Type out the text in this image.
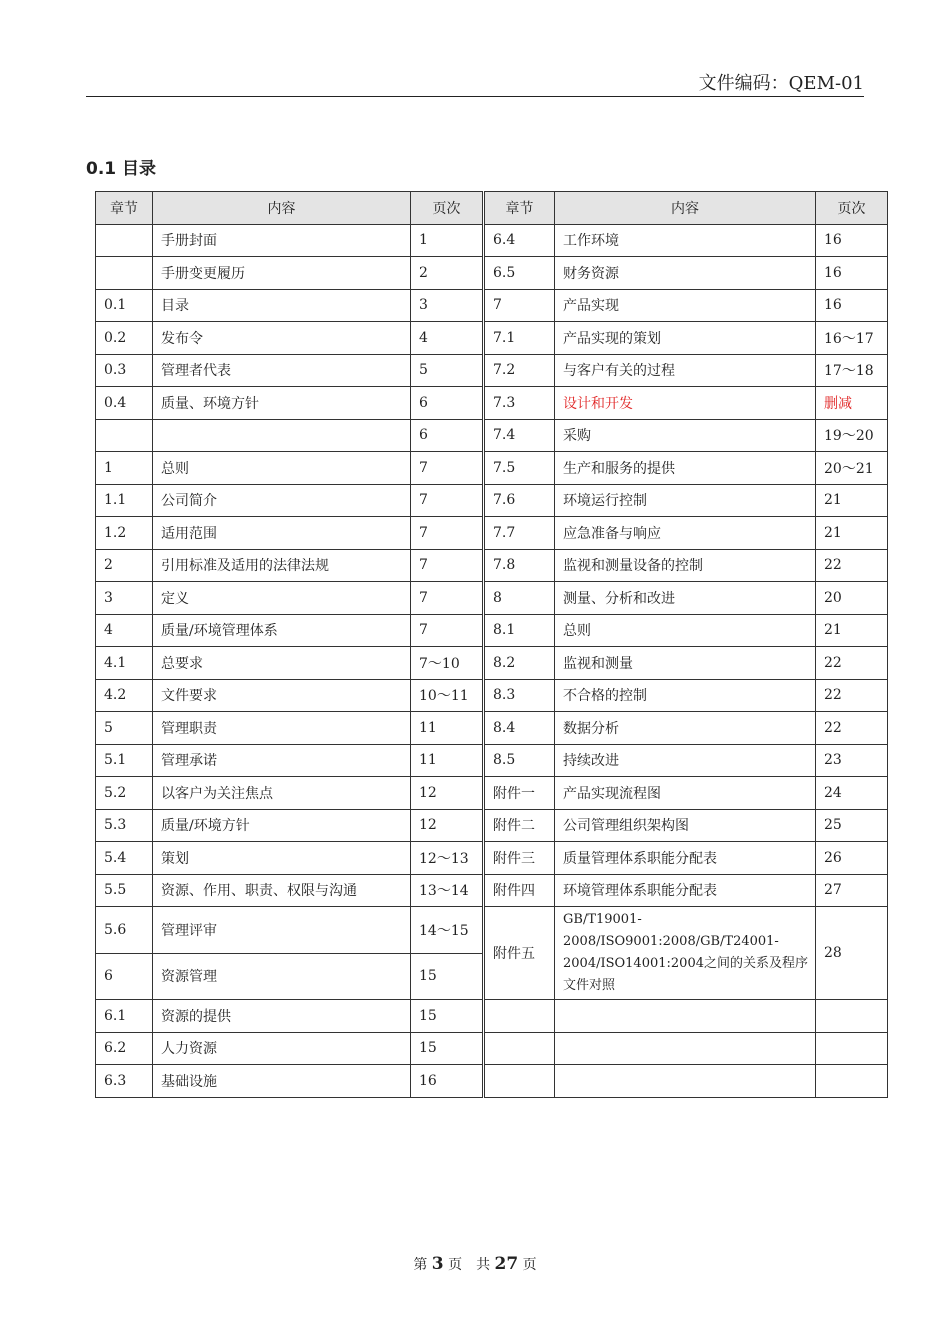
文件编码：QEM-01
0.1 目录
章节	内容	页次	章节	内容	页次
	手册封面	1	6.4	工作环境	16
	手册变更履历	2	6.5	财务资源	16
0.1	目录	3	7	产品实现	16
0.2	发布令	4	7.1	产品实现的策划	16～17
0.3	管理者代表	5	7.2	与客户有关的过程	17～18
0.4	质量、环境方针	6	7.3	设计和开发	删减
		6	7.4	采购	19～20
1	总则	7	7.5	生产和服务的提供	20～21
1.1	公司简介	7	7.6	环境运行控制	21
1.2	适用范围	7	7.7	应急准备与响应	21
2	引用标准及适用的法律法规	7	7.8	监视和测量设备的控制	22
3	定义	7	8	测量、分析和改进	20
4	质量/环境管理体系	7	8.1	总则	21
4.1	总要求	7～10	8.2	监视和测量	22
4.2	文件要求	10～11	8.3	不合格的控制	22
5	管理职责	11	8.4	数据分析	22
5.1	管理承诺	11	8.5	持续改进	23
5.2	以客户为关注焦点	12	附件一	产品实现流程图	24
5.3	质量/环境方针	12	附件二	公司管理组织架构图	25
5.4	策划	12～13	附件三	质量管理体系职能分配表	26
5.5	资源、作用、职责、权限与沟通	13～14	附件四	环境管理体系职能分配表	27
5.6	管理评审	14～15	附件五	GB/T19001-2008/ISO9001:2008/GB/T24001-2004/ISO14001:2004之间的关系及程序文件对照	28
6	资源管理	15			
6.1	资源的提供	15			
6.2	人力资源	15			
6.3	基础设施	16			
第 3 页　共 27 页
